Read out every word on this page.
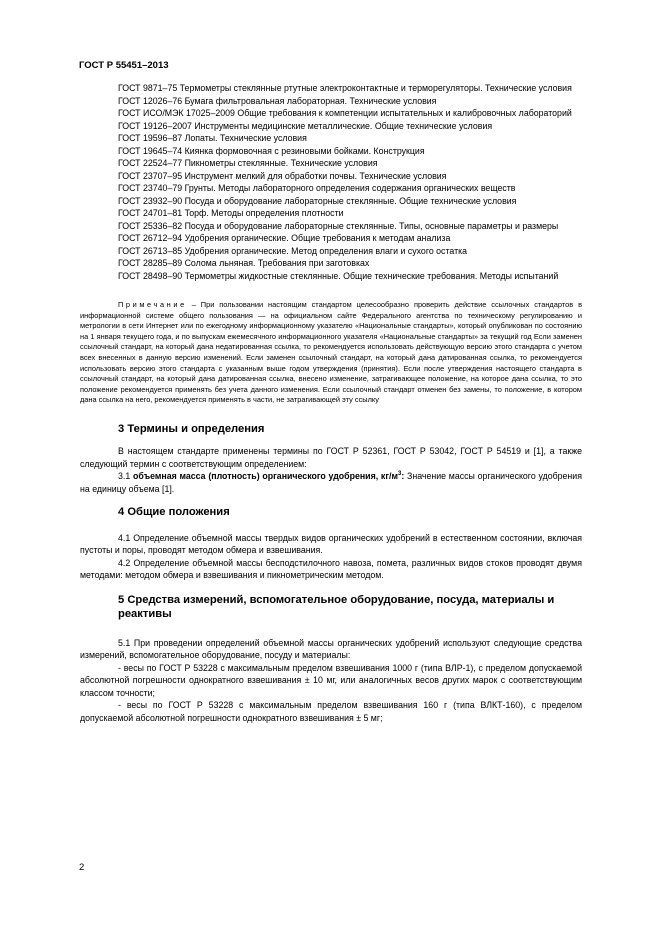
ГОСТ Р 55451–2013

ГОСТ 9871–75 Термометры стеклянные ртутные электроконтактные и терморегуляторы. Технические условия

ГОСТ 12026–76 Бумага фильтровальная лабораторная. Технические условия

ГОСТ ИСО/МЭК 17025–2009 Общие требования к компетенции испытательных и калибровочных лабораторий

ГОСТ 19126–2007 Инструменты медицинские металлические. Общие технические условия

ГОСТ 19596–87 Лопаты. Технические условия

ГОСТ 19645–74 Киянка формовочная с резиновыми бойками. Конструкция

ГОСТ 22524–77 Пикнометры стеклянные. Технические условия

ГОСТ 23707–95 Инструмент мелкий для обработки почвы. Технические условия

ГОСТ 23740–79 Грунты. Методы лабораторного определения содержания органических веществ

ГОСТ 23932–90 Посуда и оборудование лабораторные стеклянные. Общие технические условия

ГОСТ 24701–81 Торф. Методы определения плотности

ГОСТ 25336–82 Посуда и оборудование лабораторные стеклянные. Типы, основные параметры и размеры

ГОСТ 26712–94 Удобрения органические. Общие требования к методам анализа

ГОСТ 26713–85 Удобрения органические. Метод определения влаги и сухого остатка

ГОСТ 28285–89 Солома льняная. Требования при заготовках

ГОСТ 28498–90 Термометры жидкостные стеклянные. Общие технические требования. Методы испытаний

Примечание – При пользовании настоящим стандартом целесообразно проверить действие ссылочных стандартов в информационной системе общего пользования — на официальном сайте Федерального агентства по техническому регулированию и метрологии в сети Интернет или по ежегодному информационному указателю «Национальные стандарты», который опубликован по состоянию на 1 января текущего года, и по выпускам ежемесячного информационного указателя «Национальные стандарты» за текущий год Если заменен ссылочный стандарт, на который дана недатированная ссылка, то рекомендуется использовать действующую версию этого стандарта с учетом всех внесенных в данную версию изменений. Если заменен ссылочный стандарт, на который дана датированная ссылка, то рекомендуется использовать версию этого стандарта с указанным выше годом утверждения (принятия). Если после утверждения настоящего стандарта в ссылочный стандарт, на который дана датированная ссылка, внесено изменение, затрагивающее положение, на которое дана ссылка, то это положение рекомендуется применять без учета данного изменения. Если ссылочный стандарт отменен без замены, то положение, в котором дана ссылка на него, рекомендуется применять в части, не затрагивающей эту ссылку

3 Термины и определения

В настоящем стандарте применены термины по ГОСТ Р 52361, ГОСТ Р 53042, ГОСТ Р 54519 и [1], а также следующий термин с соответствующим определением:

3.1 объемная масса (плотность) органического удобрения, $кг/м^3$: Значение массы органического удобрения на единицу объема [1].

4 Общие положения

4.1 Определение объемной массы твердых видов органических удобрений в естественном состоянии, включая пустоты и поры, проводят методом обмера и взвешивания.

4.2 Определение объемной массы бесподстилочного навоза, помета, различных видов стоков проводят двумя методами: методом обмера и взвешивания и пикнометрическим методом.

5 Средства измерений, вспомогательное оборудование, посуда, материалы и реактивы

5.1 При проведении определений объемной массы органических удобрений используют следующие средства измерений, вспомогательное оборудование, посуду и материалы:

- весы по ГОСТ Р 53228 с максимальным пределом взвешивания 1000 г (типа ВЛР-1), с пределом допускаемой абсолютной погрешности однократного взвешивания ± 10 мг, или аналогичных весов других марок с соответствующим классом точности;

- весы по ГОСТ Р 53228 с максимальным пределом взвешивания 160 г (типа ВЛКТ-160), с пределом допускаемой абсолютной погрешности однократного взвешивания ± 5 мг;

2
